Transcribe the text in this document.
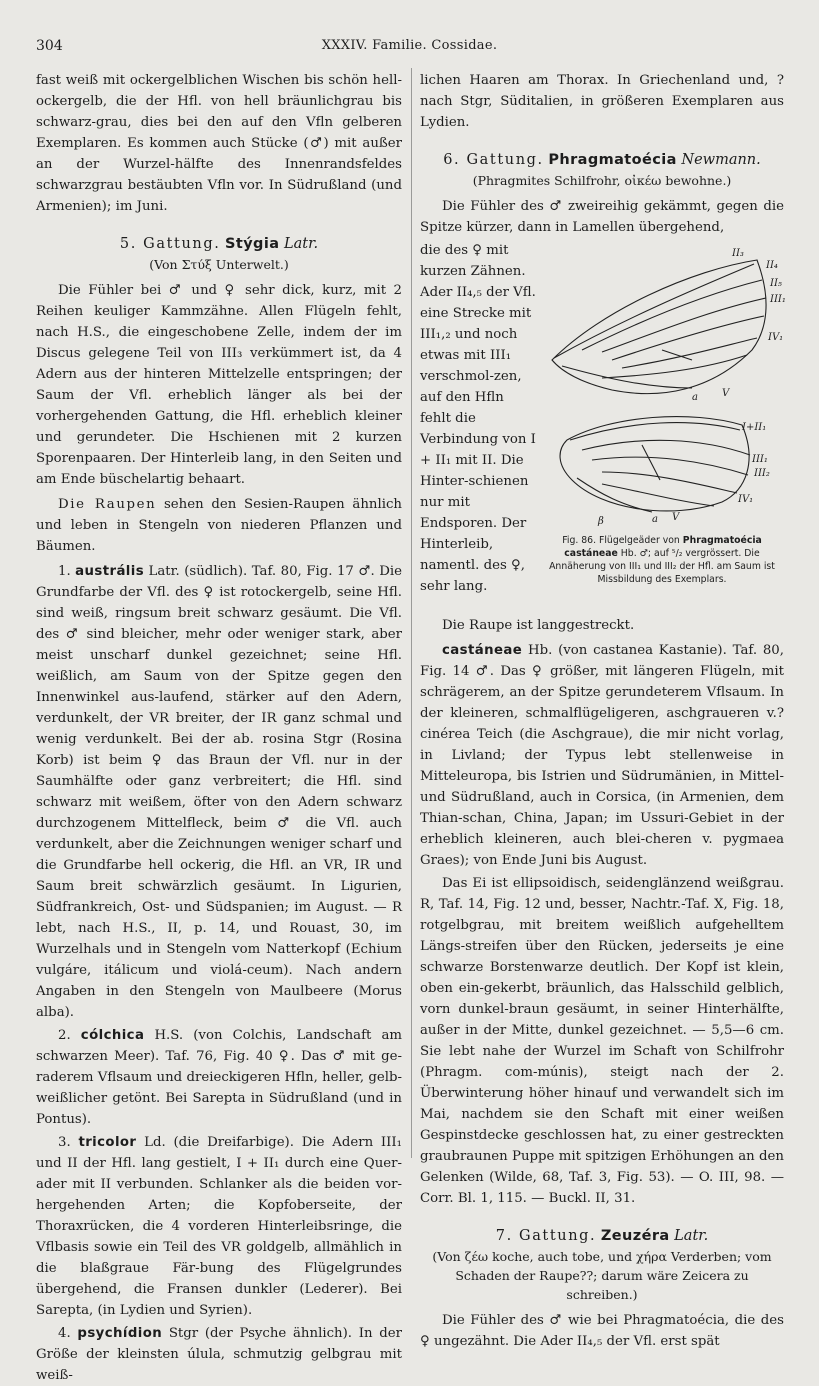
304	XXXIV. Familie. Cossidae.

fast weiß mit ockergelblichen Wischen bis schön hell-ockergelb, die der Hfl. von hell bräunlichgrau bis schwarz-grau, dies bei den auf den Vfln gelberen Exemplaren. Es kommen auch Stücke (♂) mit außer an der Wurzel-hälfte des Innenrandsfeldes schwarzgrau bestäubten Vfln vor. In Südrußland (und Armenien); im Juni.

5. Gattung. Stýgia Latr.
(Von Στύξ Unterwelt.)

Die Fühler bei ♂ und ♀ sehr dick, kurz, mit 2 Reihen keuliger Kammzähne. Allen Flügeln fehlt, nach H.S., die eingeschobene Zelle, indem der im Discus gelegene Teil von III₃ verkümmert ist, da 4 Adern aus der hinteren Mittelzelle entspringen; der Saum der Vfl. erheblich länger als bei der vorhergehenden Gattung, die Hfl. erheblich kleiner und gerundeter. Die Hschienen mit 2 kurzen Sporenpaaren. Der Hinterleib lang, in den Seiten und am Ende büschelartig behaart.

Die Raupen sehen den Sesien-Raupen ähnlich und leben in Stengeln von niederen Pflanzen und Bäumen.

1. austrális Latr. (südlich). Taf. 80, Fig. 17 ♂. Die Grundfarbe der Vfl. des ♀ ist rotockergelb, seine Hfl. sind weiß, ringsum breit schwarz gesäumt. Die Vfl. des ♂ sind bleicher, mehr oder weniger stark, aber meist unscharf dunkel gezeichnet; seine Hfl. weißlich, am Saum von der Spitze gegen den Innenwinkel aus-laufend, stärker auf den Adern, verdunkelt, der VR breiter, der IR ganz schmal und wenig verdunkelt. Bei der ab. rosina Stgr (Rosina Korb) ist beim ♀ das Braun der Vfl. nur in der Saumhälfte oder ganz verbreitert; die Hfl. sind schwarz mit weißem, öfter von den Adern schwarz durchzogenem Mittelfleck, beim ♂ die Vfl. auch verdunkelt, aber die Zeichnungen weniger scharf und die Grundfarbe hell ockerig, die Hfl. an VR, IR und Saum breit schwärzlich gesäumt. In Ligurien, Südfrankreich, Ost- und Südspanien; im August. — R lebt, nach H.S., II, p. 14, und Rouast, 30, im Wurzelhals und in Stengeln vom Natterkopf (Echium vulgáre, itálicum und violá-ceum). Nach andern Angaben in den Stengeln von Maulbeere (Morus alba).

2. cólchica H.S. (von Colchis, Landschaft am schwarzen Meer). Taf. 76, Fig. 40 ♀. Das ♂ mit ge-raderem Vflsaum und dreieckigeren Hfln, heller, gelb-weißlicher getönt. Bei Sarepta in Südrußland (und in Pontus).

3. tricolor Ld. (die Dreifarbige). Die Adern III₁ und II der Hfl. lang gestielt, I + II₁ durch eine Quer-ader mit II verbunden. Schlanker als die beiden vor-hergehenden Arten; die Kopfoberseite, der Thoraxrücken, die 4 vorderen Hinterleibsringe, die Vflbasis sowie ein Teil des VR goldgelb, allmählich in die blaßgraue Fär-bung des Flügelgrundes übergehend, die Fransen dunkler (Lederer). Bei Sarepta, (in Lydien und Syrien).

4. psychídion Stgr (der Psyche ähnlich). In der Größe der kleinsten úlula, schmutzig gelbgrau mit weiß-

lichen Haaren am Thorax. In Griechenland und, ? nach Stgr, Süditalien, in größeren Exemplaren aus Lydien.

6. Gattung. Phragmatoécia Newmann.
(Phragmites Schilfrohr, οἰκέω bewohne.)

Die Fühler des ♂ zweireihig gekämmt, gegen die Spitze kürzer, dann in Lamellen übergehend,

die des ♀ mit kurzen Zähnen. Ader II₄,₅ der Vfl. eine Strecke mit III₁,₂ und noch etwas mit III₁ verschmol-zen, auf den Hfln fehlt die Verbindung von I + II₁ mit II. Die Hinter-schienen nur mit Endsporen. Der Hinterleib, namentl. des ♀, sehr lang.

II₃
II₄
II₅
III₁
IV₁
a V
I+II₁
III₁
III₂
IV₁
β	a V
Fig. 86. Flügelgeäder von Phragmatoécia castáneae Hb. ♂; auf ⁵/₂ vergrössert. Die Annäherung von III₁ und III₂ der Hfl. am Saum ist Missbildung des Exemplars.

Die Raupe ist langgestreckt.

castáneae Hb. (von castanea Kastanie). Taf. 80, Fig. 14 ♂. Das ♀ größer, mit längeren Flügeln, mit schrägerem, an der Spitze gerundeterem Vflsaum. In der kleineren, schmalflügeligeren, aschgraueren v.? cinérea Teich (die Aschgraue), die mir nicht vorlag, in Livland; der Typus lebt stellenweise in Mitteleuropa, bis Istrien und Südrumänien, in Mittel- und Südrußland, auch in Corsica, (in Armenien, dem Thian-schan, China, Japan; im Ussuri-Gebiet in der erheblich kleineren, auch blei-cheren v. pygmaea Graes); von Ende Juni bis August.

Das Ei ist ellipsoidisch, seidenglänzend weißgrau. R, Taf. 14, Fig. 12 und, besser, Nachtr.-Taf. X, Fig. 18, rotgelbgrau, mit breitem weißlich aufgehelltem Längs-streifen über den Rücken, jederseits je eine schwarze Borstenwarze deutlich. Der Kopf ist klein, oben ein-gekerbt, bräunlich, das Halsschild gelblich, vorn dunkel-braun gesäumt, in seiner Hinterhälfte, außer in der Mitte, dunkel gezeichnet. — 5,5—6 cm. Sie lebt nahe der Wurzel im Schaft von Schilfrohr (Phragm. com-múnis), steigt nach der 2. Überwinterung höher hinauf und verwandelt sich im Mai, nachdem sie den Schaft mit einer weißen Gespinstdecke geschlossen hat, zu einer gestreckten graubraunen Puppe mit spitzigen Erhöhungen an den Gelenken (Wilde, 68, Taf. 3, Fig. 53). — O. III, 98. — Corr. Bl. 1, 115. — Buckl. II, 31.

7. Gattung. Zeuzéra Latr.
(Von ζέω koche, auch tobe, und χήρα Verderben; vom Schaden der Raupe??; darum wäre Zeicera zu schreiben.)

Die Fühler des ♂ wie bei Phragmatoécia, die des ♀ ungezähnt. Die Ader II₄,₅ der Vfl. erst spät
